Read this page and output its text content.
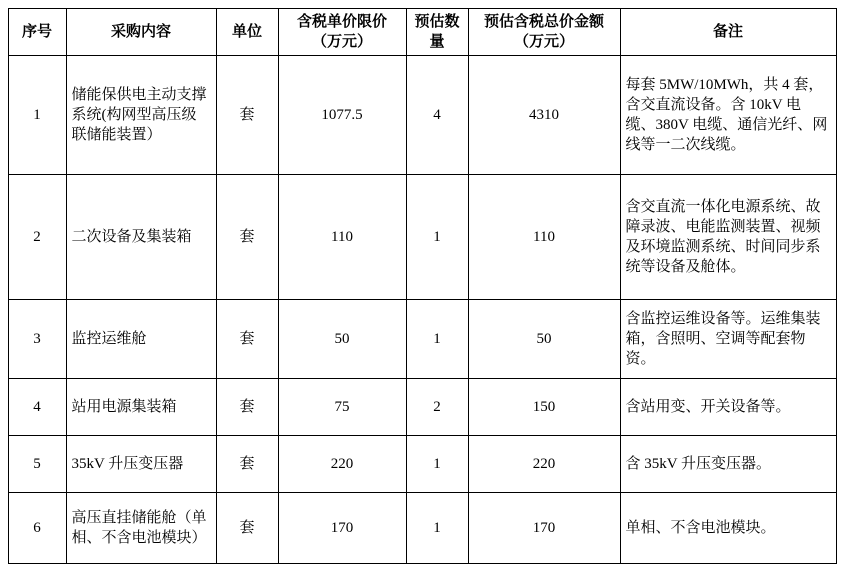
序号	采购内容	单位	含税单价限价（万元）	预估数量	预估含税总价金额（万元）	备注
1	储能保供电主动支撑系统(构网型高压级联储能装置）	套	1077.5	4	4310	每套 5MW/10MWh，共 4 套，含交直流设备。含 10kV 电缆、380V 电缆、通信光纤、网线等一二次线缆。
2	二次设备及集装箱	套	110	1	110	含交直流一体化电源系统、故障录波、电能监测装置、视频及环境监测系统、时间同步系统等设备及舱体。
3	监控运维舱	套	50	1	50	含监控运维设备等。运维集装箱，含照明、空调等配套物资。
4	站用电源集装箱	套	75	2	150	含站用变、开关设备等。
5	35kV 升压变压器	套	220	1	220	含 35kV 升压变压器。
6	高压直挂储能舱（单相、不含电池模块）	套	170	1	170	单相、不含电池模块。
